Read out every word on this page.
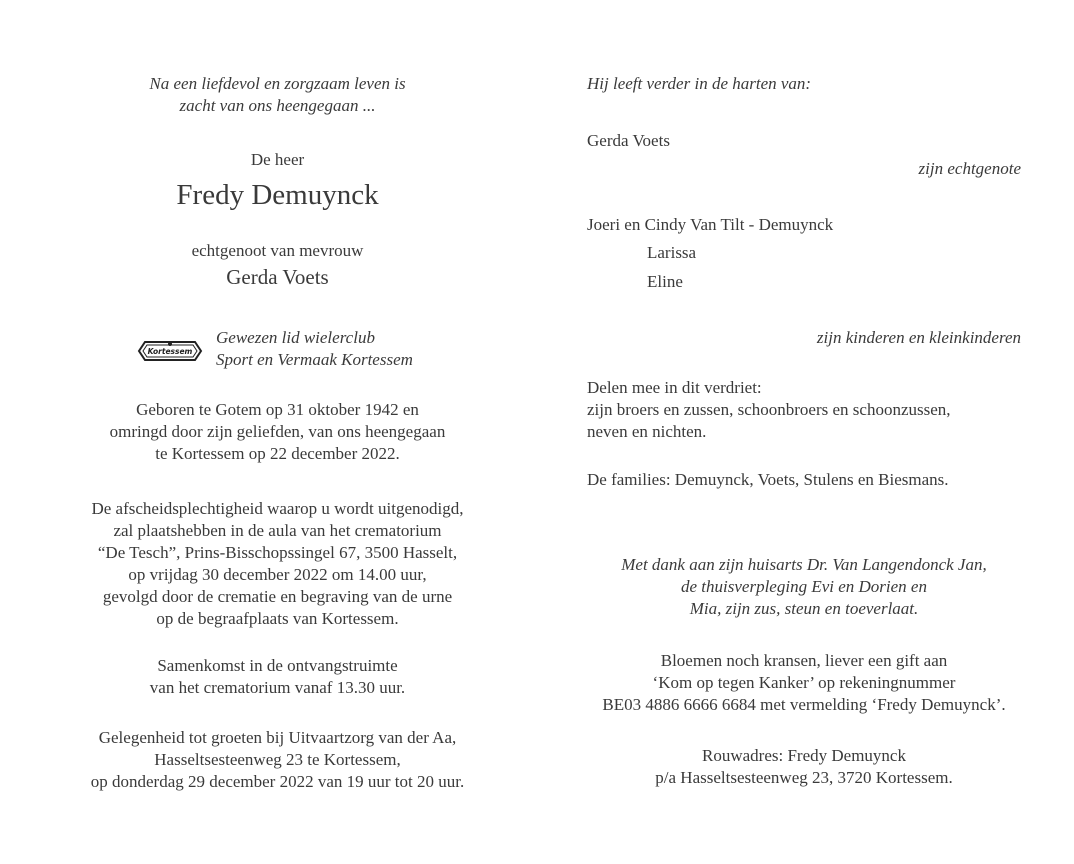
Na een liefdevol en zorgzaam leven is
zacht van ons heengegaan ...
De heer
Fredy Demuynck
echtgenoot van mevrouw
Gerda Voets
Kortessem
Gewezen lid wielerclub
Sport en Vermaak Kortessem
Geboren te Gotem op 31 oktober 1942 en
omringd door zijn geliefden, van ons heengegaan
te Kortessem op 22 december 2022.
De afscheidsplechtigheid waarop u wordt uitgenodigd,
zal plaatshebben in de aula van het crematorium
“De Tesch”, Prins-Bisschopssingel 67, 3500 Hasselt,
op vrijdag 30 december 2022 om 14.00 uur,
gevolgd door de crematie en begraving van de urne
op de begraafplaats van Kortessem.
Samenkomst in de ontvangstruimte
van het crematorium vanaf 13.30 uur.
Gelegenheid tot groeten bij Uitvaartzorg van der Aa,
Hasseltsesteenweg 23 te Kortessem,
op donderdag 29 december 2022 van 19 uur tot 20 uur.
Hij leeft verder in de harten van:
Gerda Voets
zijn echtgenote
Joeri en Cindy Van Tilt - Demuynck
Larissa
Eline
zijn kinderen en kleinkinderen
Delen mee in dit verdriet:
zijn broers en zussen, schoonbroers en schoonzussen,
neven en nichten.
De families: Demuynck, Voets, Stulens en Biesmans.
Met dank aan zijn huisarts Dr. Van Langendonck Jan,
de thuisverpleging Evi en Dorien en
Mia, zijn zus, steun en toeverlaat.
Bloemen noch kransen, liever een gift aan
‘Kom op tegen Kanker’ op rekeningnummer
BE03 4886 6666 6684 met vermelding ‘Fredy Demuynck’.
Rouwadres: Fredy Demuynck
p/a Hasseltsesteenweg 23, 3720 Kortessem.
